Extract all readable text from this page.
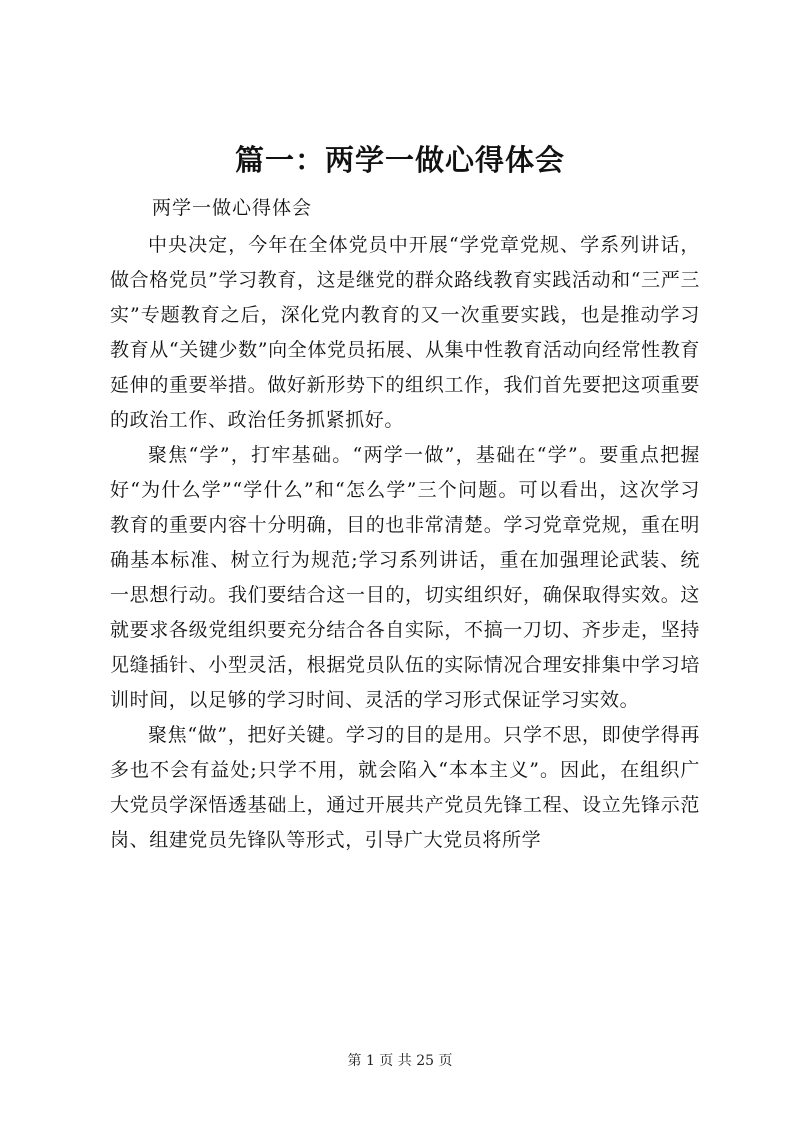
篇一：两学一做心得体会
两学一做心得体会

中央决定，今年在全体党员中开展“学党章党规、学系列讲话，做合格党员”学习教育，这是继党的群众路线教育实践活动和“三严三实”专题教育之后，深化党内教育的又一次重要实践，也是推动学习教育从“关键少数”向全体党员拓展、从集中性教育活动向经常性教育延伸的重要举措。做好新形势下的组织工作，我们首先要把这项重要的政治工作、政治任务抓紧抓好。

聚焦“学”，打牢基础。“两学一做”，基础在“学”。要重点把握好“为什么学”“学什么”和“怎么学”三个问题。可以看出，这次学习教育的重要内容十分明确，目的也非常清楚。学习党章党规，重在明确基本标准、树立行为规范;学习系列讲话，重在加强理论武装、统一思想行动。我们要结合这一目的，切实组织好，确保取得实效。这就要求各级党组织要充分结合各自实际，不搞一刀切、齐步走，坚持见缝插针、小型灵活，根据党员队伍的实际情况合理安排集中学习培训时间，以足够的学习时间、灵活的学习形式保证学习实效。

聚焦“做”，把好关键。学习的目的是用。只学不思，即使学得再多也不会有益处;只学不用，就会陷入“本本主义”。因此，在组织广大党员学深悟透基础上，通过开展共产党员先锋工程、设立先锋示范岗、组建党员先锋队等形式，引导广大党员将所学

第 1 页 共 25 页
